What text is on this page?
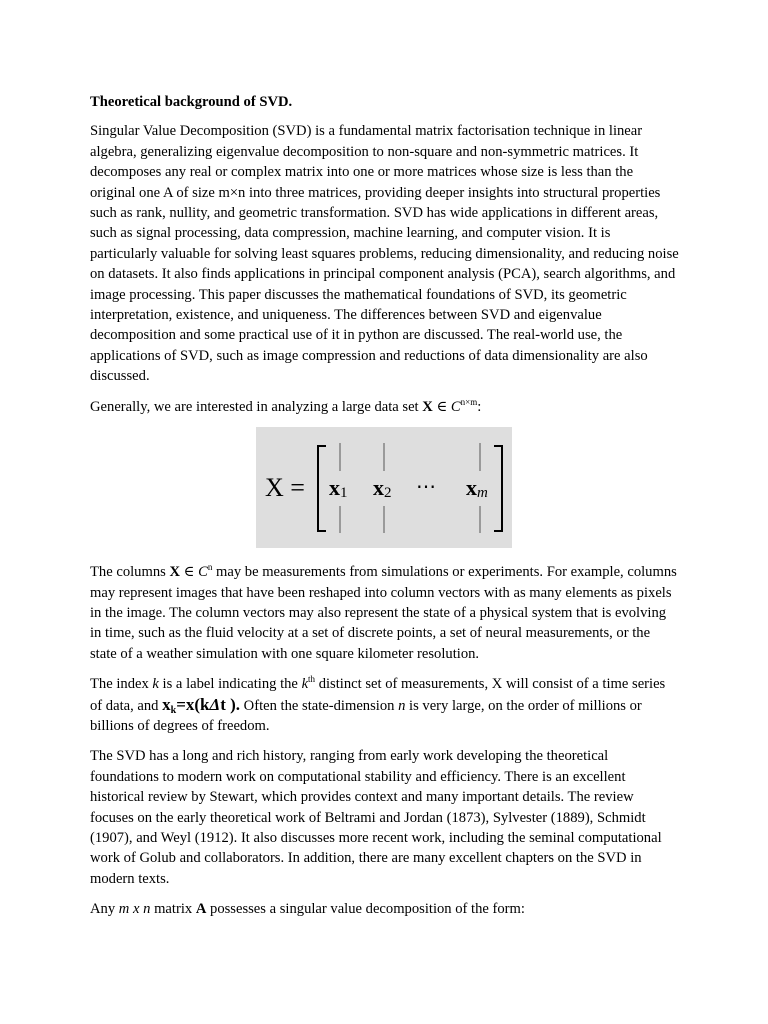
Theoretical background of SVD.

Singular Value Decomposition (SVD) is a fundamental matrix factorisation technique in linear algebra, generalizing eigenvalue decomposition to non-square and non-symmetric matrices. It decomposes any real or complex matrix into one or more matrices whose size is less than the original one A of size m×n into three matrices, providing deeper insights into structural properties such as rank, nullity, and geometric transformation. SVD has wide applications in different areas, such as signal processing, data compression, machine learning, and computer vision. It is particularly valuable for solving least squares problems, reducing dimensionality, and reducing noise on datasets. It also finds applications in principal component analysis (PCA), search algorithms, and image processing. This paper discusses the mathematical foundations of SVD, its geometric interpretation, existence, and uniqueness. The differences between SVD and eigenvalue decomposition and some practical use of it in python are discussed. The real-world use, the applications of SVD, such as image compression and reductions of data dimensionality are also discussed.

Generally, we are interested in analyzing a large data set X ∈ $C^{n\times m}$:

X = x1 x2 ⋯ xm

The columns X ∈ $C^n$ may be measurements from simulations or experiments. For example, columns may represent images that have been reshaped into column vectors with as many elements as pixels in the image. The column vectors may also represent the state of a physical system that is evolving in time, such as the fluid velocity at a set of discrete points, a set of neural measurements, or the state of a weather simulation with one square kilometer resolution.

The index k is a label indicating the $k^{th}$ distinct set of measurements, X will consist of a time series of data, and $x_k=x(k\Delta t$ ). Often the state-dimension n is very large, on the order of millions or billions of degrees of freedom.

The SVD has a long and rich history, ranging from early work developing the theoretical foundations to modern work on computational stability and efficiency. There is an excellent historical review by Stewart, which provides context and many important details. The review focuses on the early theoretical work of Beltrami and Jordan (1873), Sylvester (1889), Schmidt (1907), and Weyl (1912). It also discusses more recent work, including the seminal computational work of Golub and collaborators. In addition, there are many excellent chapters on the SVD in modern texts.

Any m x n matrix A possesses a singular value decomposition of the form:
